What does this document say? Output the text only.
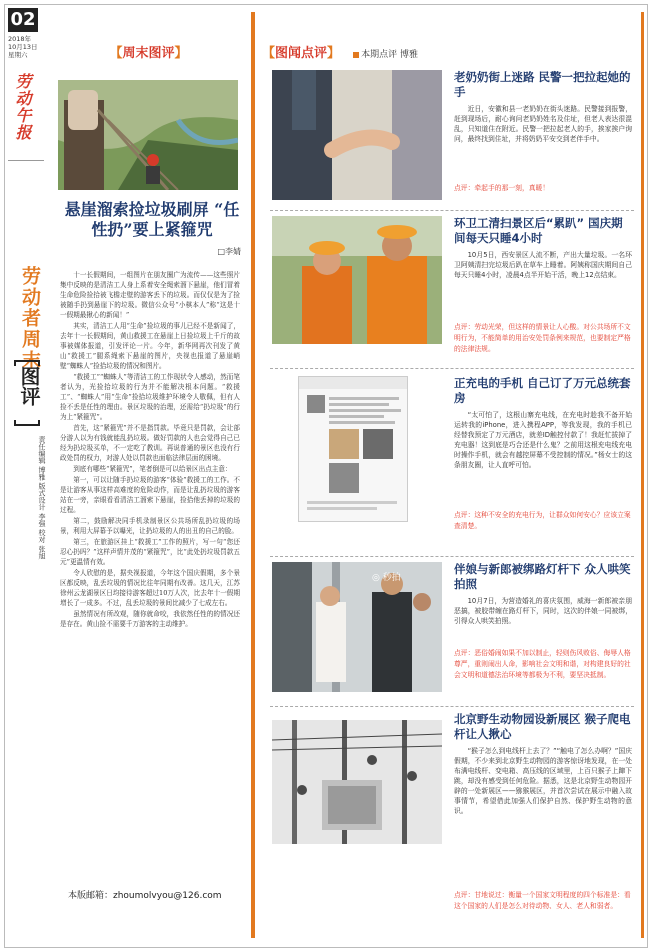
02
2018年
10月13日
星期六
劳动午报
劳动者周末
图评
责任编辑 博雅 版式设计 李强 校对 张旭
【周末图评】
悬崖溜索捡垃圾刷屏 “任性扔”要上紧箍咒
□李婧

十一长假期间，一组图片在朋友圈广为流传——这些照片集中反映的是清洁工人身上系着安全绳索溜下悬崖，他们冒着生命危险捡拾被飞檐走壁的游客丢下的垃圾。而仅仅是为了捡被随手扔到悬崖下的垃圾。微信公众号“小棋本人”称“这是十一假期最揪心的新闻！”

其实，清洁工人用“生命”捡垃圾的事儿已经不是新闻了，去年十一长假期间，黄山救援工在悬崖上日捡垃圾上千斤的故事被媒体报道，引发评论一片。今年，新华网再次刊发了黄山“救援工”腿系绳索下悬崖的图片，央视也报道了悬崖峭壁“蜘蛛人”捡拾垃圾的情况和图片。

“救援工”“蜘蛛人”等清洁工的工作现状令人感动，然而笔者认为，光捡拾垃圾的行为并不能解决根本问题。“救援工”、“蜘蛛人”用“生命”捡拾垃圾维护环境令人敬佩，但有人捡不丢是任性的理由。景区垃圾的治理，还需给“扔垃圾”的行为上“紧箍咒”。

首先，这“紧箍咒”并不是指罚款。毕竟只是罚款，会让部分游人以为有钱就能乱扔垃圾。做好罚款的人也会觉得自己已经为扔垃圾买单，不一定吃了教训。再说普通的景区也没有行政处罚的权力，对游人处以罚款也面临法律层面的困境。

到底有哪些“紧箍咒”，笔者倒是可以给景区出点主意：

第一，可以让随手扔垃圾的游客“体验”救援工的工作。不是让游客从事这样高难度的危险动作，而是让乱扔垃圾的游客站在一旁，亲眼看看清洁工溜索下悬崖，捡拾他丢掉的垃圾的过程。

第二，鼓励解决同手机录制景区公共场所乱扔垃圾的场景，利用大屏幕予以曝光，让扔垃圾的人的出丑的自己的脸。

第三，在旅游区挂上“救援工”工作的照片，写一句“您还忍心扔吗？”这样声情并茂的“紧箍咒”，比“此处扔垃圾罚款五元”更温情有效。

令人欣慰的是，据央视报道，今年这个国庆假期，多个景区都反映，乱丢垃圾的情况比往年同期有改善。这几天，江苏徐州云龙湖景区日均接待游客超过10万人次，比去年十一假期增长了一成多。不过，乱丢垃圾的景间比减少了七成左右。

虽然情况有所改观，随你就命咬，我依然任性的的情况还是存在。黄山捡不需要千万游客的主动维护。

本版邮箱：zhoumolvyou@126.com
【图闻点评】 本期点评 博雅
老奶奶街上迷路 民警一把拉起她的手
近日，安徽和县一老奶奶在街头迷路。民警接到报警，赶到现场后，耐心询问老奶奶姓名及住址，但老人表达很混乱，只知道住在附近。民警一把拉起老人的手，挨家挨户询问，最终找到住址，并将奶奶平安交到老伴手中。
点评：牵起手的那一刻，真暖！
环卫工清扫景区后“累趴” 国庆期间每天只睡4小时
10月5日，西安景区人流不断，产出大量垃圾。一名环卫阿姨清扫完垃圾后趴在草车上睡着。阿姨称国庆期间自己每天只睡4小时，凌晨4点半开始干活，晚上12点结束。
点评：劳动光荣，但这样的情景让人心酸。对公共场所不文明行为，不能简单的用治安处罚条例来规范，也要制定严格的法律法规。
正充电的手机 自己订了万元总统套房
“太可怕了，这根山寨充电线，在充电时趁我不备开始运转我的iPhone，进入携程APP，等我发现，我的手机已经替我预定了万元酒店，就差ID触控付款了！我赶忙拔掉了充电器！这到底是巧合还是什么鬼？之前用这根充电线充电时操作手机，就会有越控屏幕不受控制的情况。”杨女士的这条朋友圈，让人直呼可怕。
点评：这种不安全的充电行为，让群众如何安心？应该立案查清楚。
◎ 秒拍
伴娘与新郎被绑路灯杆下 众人哄笑拍照
10月7日，为营造婚礼的喜庆氛围，威海一新郎被亲朋恶搞，被胶带缠在路灯杆下，同时，这次的伴娘一同被绑，引得众人哄笑拍照。
点评：恶俗婚闹如果不加以制止，轻则伤风败俗、侮辱人格尊严，重则闹出人命，影响社会文明和谐，对构建良好的社会文明和道德法治环境等都极为不利，要坚决抵制。
北京野生动物园设新展区 猴子爬电杆让人揪心
“猴子怎么到电线杆上去了？”“触电了怎么办啊？”国庆假期，不少来到北京野生动物园的游客惊讶地发现，在一处布满电线杆、变电箱、高压线的区域里，上百只猴子上蹿下跳，却没有感受到任何危险。据悉，这是北京野生动物园开辟的一处新展区——猕猴展区，并首次尝试在展示中融入故事情节，希望借此加强人们保护自然、保护野生动物的意识。
点评：甘地说过：衡量一个国家文明程度的四个标准是：看这个国家的人们是怎么对待动物、女人、老人和弱者。
